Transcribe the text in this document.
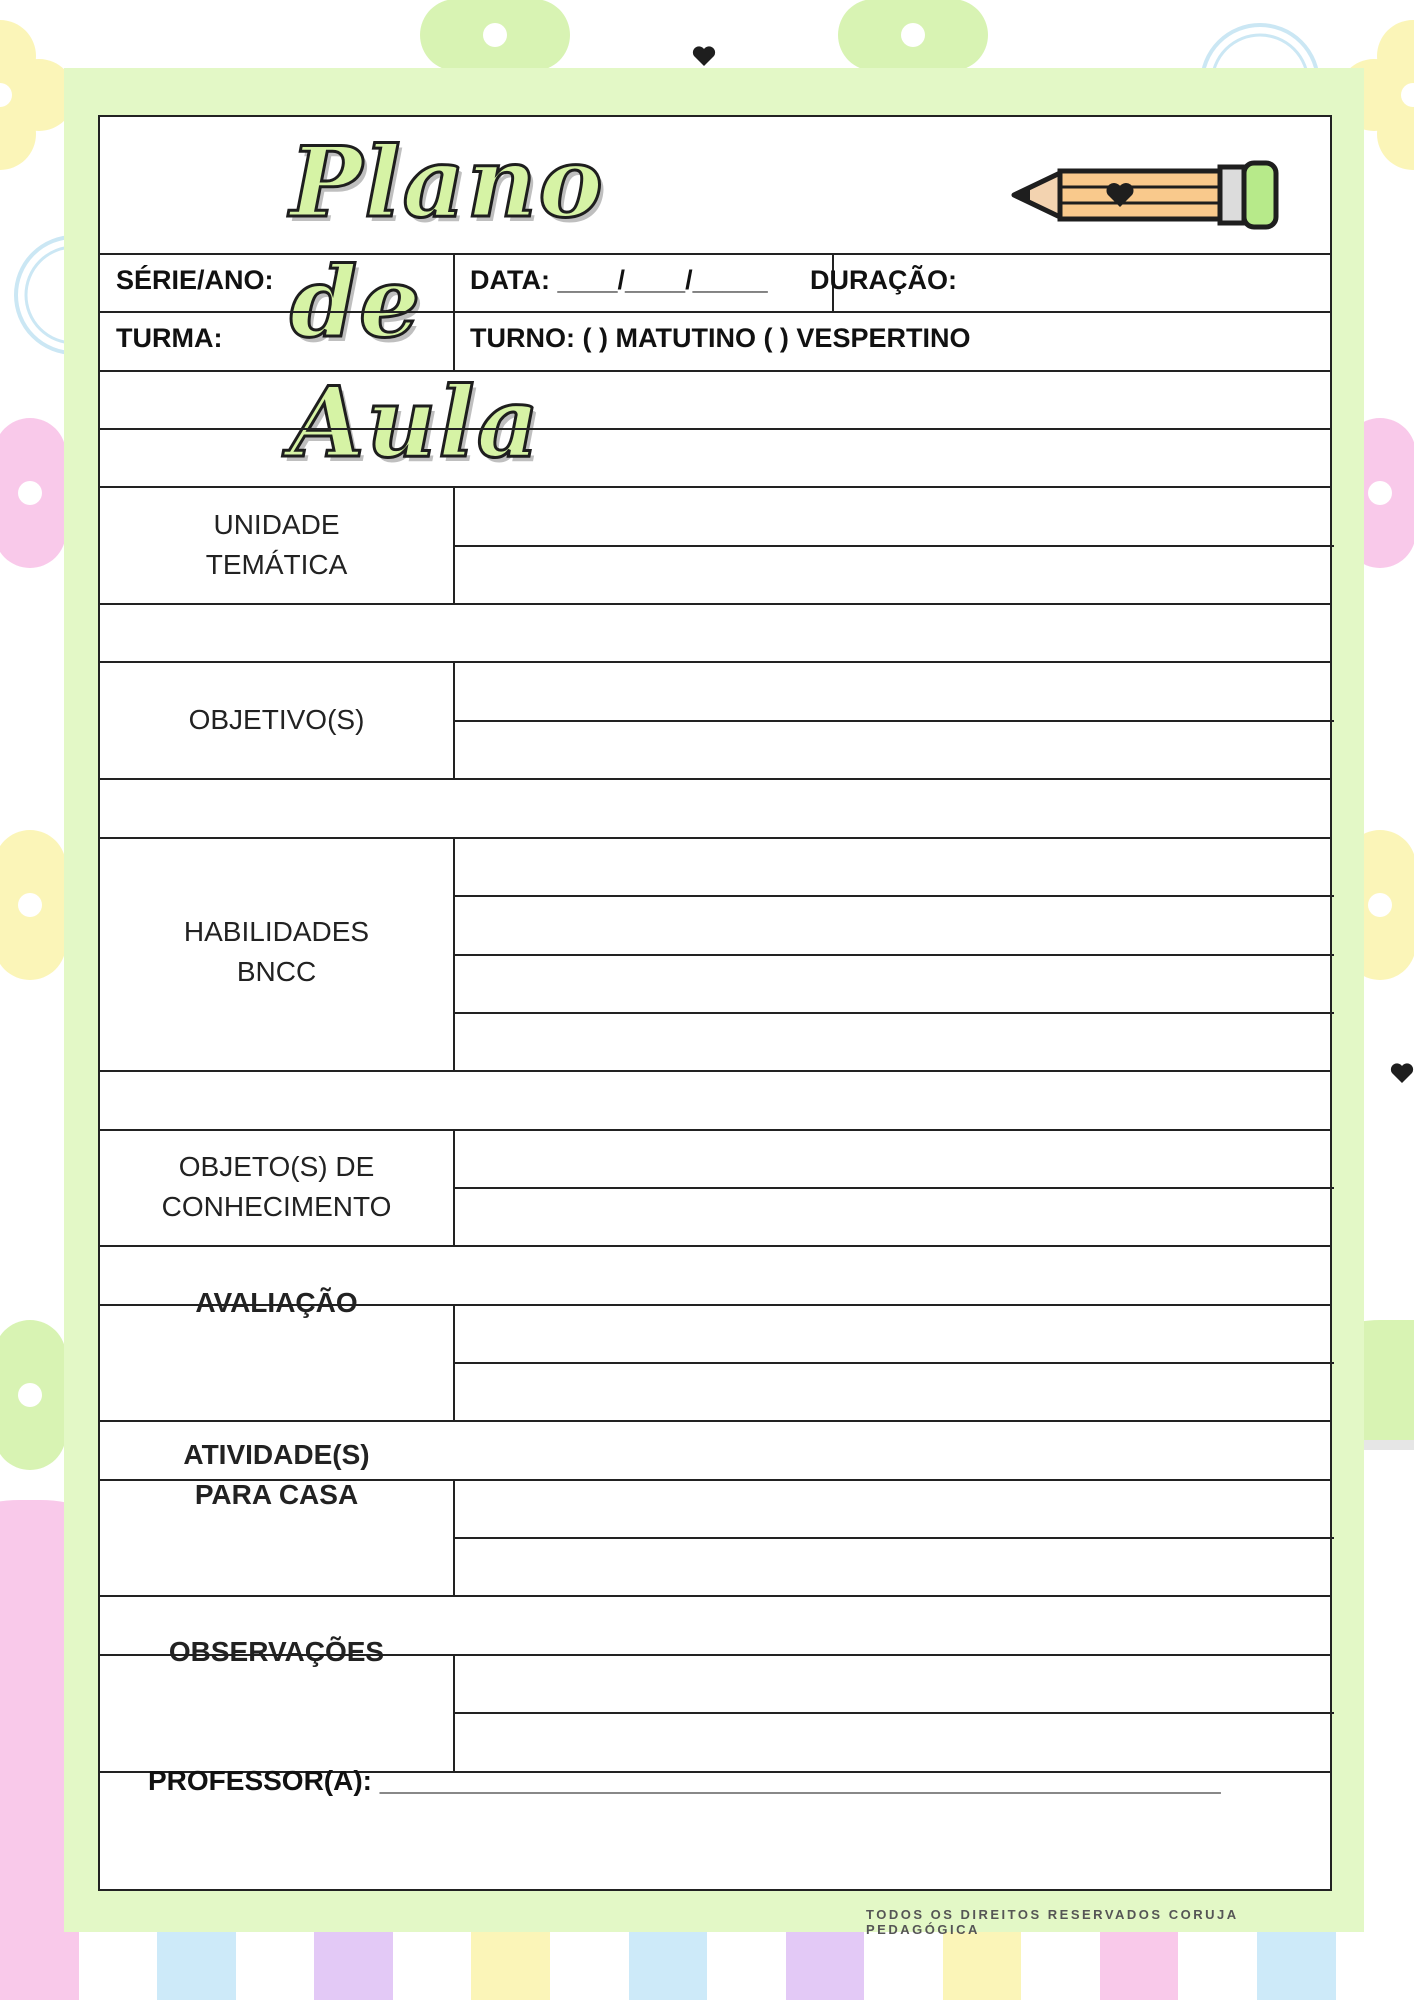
Plano de Aula
SÉRIE/ANO:	DATA: ____/____/_____ DURAÇÃO:
TURMA:	TURNO: ( ) MATUTINO ( ) VESPERTINO
UNIDADE
TEMÁTICA
OBJETIVO(S)
HABILIDADES
BNCC
OBJETO(S) DE
CONHECIMENTO
AVALIAÇÃO
ATIVIDADE(S)
PARA CASA
OBSERVAÇÕES
PROFESSOR(A): ______________________________________________________
TODOS OS DIREITOS RESERVADOS CORUJA PEDAGÓGICA
